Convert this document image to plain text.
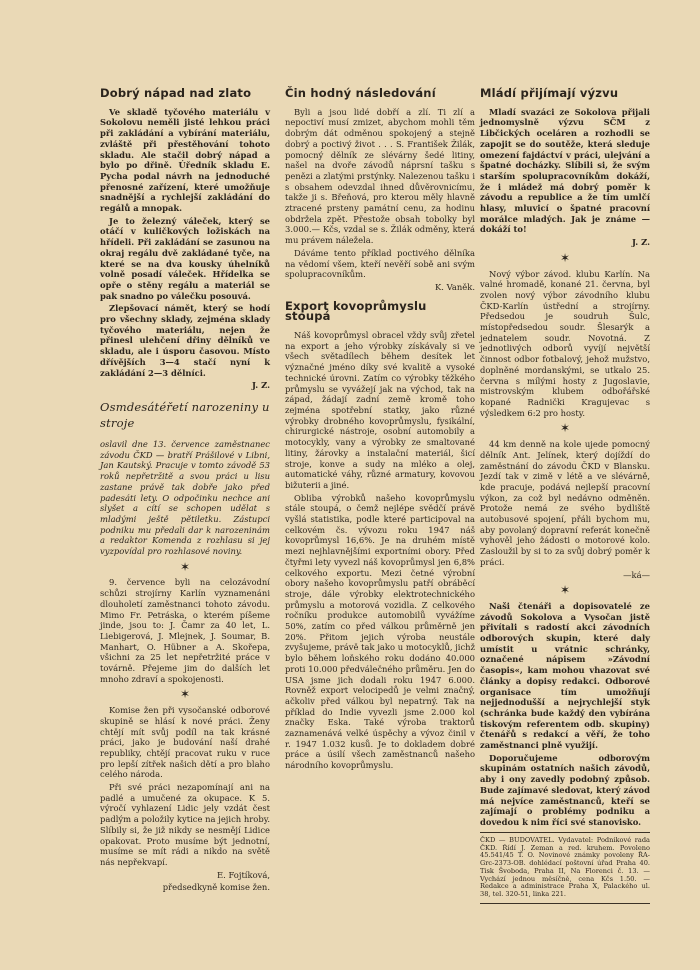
Dobrý nápad nad zlato

Ve skladě tyčového materiálu v Sokolovu neměli jisté lehkou práci při zakládání a vybírání materiálu, zvláště při přestěhování tohoto skladu. Ale stačil dobrý nápad a bylo po dřině. Úředník skladu E. Pycha podal návrh na jednoduché přenosné zařízení, které umožňuje snadnější a rychlejší zakládání do regálů a mnopak.

Je to železný váleček, který se otáčí v kuličkových ložiskách na hřídeli. Při zakládání se zasunou na okraj regálu dvě zakládané tyče, na které se na dva kousky úhelníků volně posadí váleček. Hřídelka se opře o stěny regálu a materiál se pak snadno po válečku posouvá.

Zlepšovací námět, který se hodí pro všechny sklady, zejména sklady tyčového materiálu, nejen že přinesl ulehčení dřiny dělníků ve skladu, ale i úsporu časovou. Místo dřívějších 3—4 stačí nyní k zakládání 2—3 dělníci.

J. Z.
Osmdesátéřetí narozeniny u stroje

oslavil dne 13. července zaměstnanec závodu ČKD — bratří Prášilové v Libni, Jan Kautský. Pracuje v tomto závodě 53 roků nepřetržitě a svou práci u lisu zastane právě tak dobře jako před padesáti lety. O odpočinku nechce ani slyšet a cítí se schopen udělat s mladými ještě pětiletku. Zástupci podniku mu předali dar k narozeninám a redaktor Komenda z rozhlasu si jej vyzpovídal pro rozhlasové noviny.

✶

9. července byli na celozávodní schůzi strojírny Karlín vyznamenáni dlouholetí zaměstnanci tohoto závodu. Mimo Fr. Petráska, o kterém píšeme jinde, jsou to: J. Čamr za 40 let, L. Liebigerová, J. Mlejnek, J. Soumar, B. Manhart, O. Hübner a A. Skořepa, všichni za 25 let nepřetržité práce v továrně. Přejeme jim do dalších let mnoho zdraví a spokojenosti.

✶

Komise žen při vysočanské odborové skupině se hlásí k nové práci. Ženy chtějí mít svůj podíl na tak krásné práci, jako je budování naší drahé republiky, chtějí pracovat ruku v ruce pro lepší zítřek našich dětí a pro blaho celého národa.

Při své práci nezapomínají ani na padlé a umučené za okupace. K 5. výročí vyhlazení Lidic jely vzdát čest padlým a položily kytice na jejich hroby. Slíbily si, že již nikdy se nesmějí Lidice opakovat. Proto musíme být jednotní, musíme se mít rádi a nikdo na světě nás nepřekvapí.

E. Fojtíková,
předsedkyně komise žen.
Čin hodný následování

Byli a jsou lidé dobří a zlí. Ti zlí a nepoctiví musí zmizet, abychom mohli těm dobrým dát odměnou spokojený a stejně dobrý a poctivý život . . . S. František Žilák, pomocný dělník ze slévárny šedé litiny, našel na dvoře závodů náprsní tašku s penězi a zlatými prstýnky. Nalezenou tašku i s obsahem odevzdal ihned důvěrovnicímu, takže ji s. Břeňová, pro kterou měly hlavně ztracené prsteny památní cenu, za hodinu obdržela zpět. Přestože obsah tobolky byl 3.000.— Kčs, vzdal se s. Žilák odměny, která mu právem náležela.

Dáváme tento příklad poctivého dělníka na vědomí všem, kteří nevěří sobě ani svým spolupracovníkům.

K. Vaněk.
Export kovoprůmyslu stoupá

Náš kovoprůmysl obracel vždy svůj zřetel na export a jeho výrobky získávaly si ve všech světadílech během desítek let význačné jméno díky své kvalitě a vysoké technické úrovni. Zatím co výrobky těžkého průmyslu se vyvážejí jak na východ, tak na západ, žádají zadní země kromě toho zejména spotřební statky, jako různé výrobky drobného kovoprůmyslu, fysikální, chirurgické nástroje, osobní automobily a motocykly, vany a výrobky ze smaltované litiny, žárovky a instalační materiál, šicí stroje, konve a sudy na mléko a olej, automatické váhy, různé armatury, kovovou bižuterii a jiné.

Obliba výrobků našeho kovoprůmyslu stále stoupá, o čemž nejlépe svědčí právě vyšlá statistika, podle které participoval na celkovém čs. vývozu roku 1947 náš kovoprůmysl 16,6%. Je na druhém místě mezi nejhlavnějšími exportními obory. Před čtyřmi lety vyvezl náš kovoprůmysl jen 6,8% celkového exportu. Mezi četné výrobní obory našeho kovoprůmyslu patří obráběcí stroje, dále výrobky elektrotechnického průmyslu a motorová vozidla. Z celkového ročníku produkce automobilů vyvážíme 50%, zatím co před válkou průměrně jen 20%. Přitom jejich výroba neustále zvyšujeme, právě tak jako u motocyklů, jichž bylo během loňského roku dodáno 40.000 proti 10.000 předválečného průměru. Jen do USA jsme jich dodali roku 1947 6.000. Rovněž export velocipedů je velmi značný, ačkoliv před válkou byl nepatrný. Tak na příklad do Indie vyvezli jsme 2.000 kol značky Eska. Také výroba traktorů zaznamenává velké úspěchy a vývoz činil v r. 1947 1.032 kusů. Je to dokladem dobré práce a úsilí všech zaměstnanců našeho národního kovoprůmyslu.

Mládí přijímají výzvu

Mladí svazáci ze Sokolova přijali jednomyslně výzvu SČM z Libčických oceláren a rozhodli se zapojit se do soutěže, která sleduje omezení fajdáctví v práci, ulejvání a špatné docházky. Slíbili si, že svým starším spolupracovníkům dokáží, že i mládež má dobrý poměr k závodu a republice a že tím umlčí hlasy, mluvicí o špatné pracovní morálce mladých. Jak je známe — dokáží to!

J. Z.
✶

Nový výbor závod. klubu Karlín. Na valné hromadě, konané 21. června, byl zvolen nový výbor závodního klubu ČKD-Karlín ústřední a strojírny. Předsedou je soudruh Šulc, místopředsedou soudr. Šlesarýk a jednatelem soudr. Novotná. Z jednotlivých odborů vyvíjí největší činnost odbor fotbalový, jehož mužstvo, doplněné mordanskými, se utkalo 25. června s mílými hosty z Jugoslavie, mistrovským klubem odbořářské kopané Radnički Kragujevac s výsledkem 6:2 pro hosty.

✶

44 km denně na kole ujede pomocný dělník Ant. Jelínek, který dojíždí do zaměstnání do závodu ČKD v Blansku. Jezdí tak v zimě v létě a ve slévárně, kde pracuje, podává nejlepší pracovní výkon, za což byl nedávno odměněn. Protože nemá ze svého bydliště autobusové spojení, přáli bychom mu, aby povolaný dopravní referát konečně vyhověl jeho žádosti o motorové kolo. Zasloužil by si to za svůj dobrý poměr k práci.

—ká—
✶

Naši čtenáři a dopisovatelé ze závodů Sokolova a Vysočan jistě přivítali s radostí akci závodních odborových skupin, které daly umístit u vrátnic schránky, označené nápisem »Závodní časopis«, kam mohou vhazovat své články a dopisy redakci. Odborové organisace tím umožňují nejjednodušší a nejrychlejší styk (schránka bude každý den vybírána tiskovým referentem odb. skupiny) čtenářů s redakcí a věří, že toho zaměstnanci plně využijí.

Doporučujeme odborovým skupinám ostatních našich závodů, aby i ony zavedly podobný způsob. Bude zajímavé sledovat, který závod má nejvíce zaměstnanců, kteří se zajímají o problémy podniku a dovedou k nim říci své stanovisko.

ČKD — BUDOVATEL. Vydavatel: Podnikové rada ČKD. Řídí J. Zeman a red. kruhem. Povoleno 45.541/45 T. O. Novinové známky povoleny ŘA-Grc-2373-OB. dohlédací poštovní úřad Praha 40. Tisk Švoboda, Praha II, Na Florenci č. 13. — Vychází jednou měsíčně, cena Kčs 1.50. — Redakce a administrace Praha X, Palackého ul. 38, tel. 320-51, linka 221.
